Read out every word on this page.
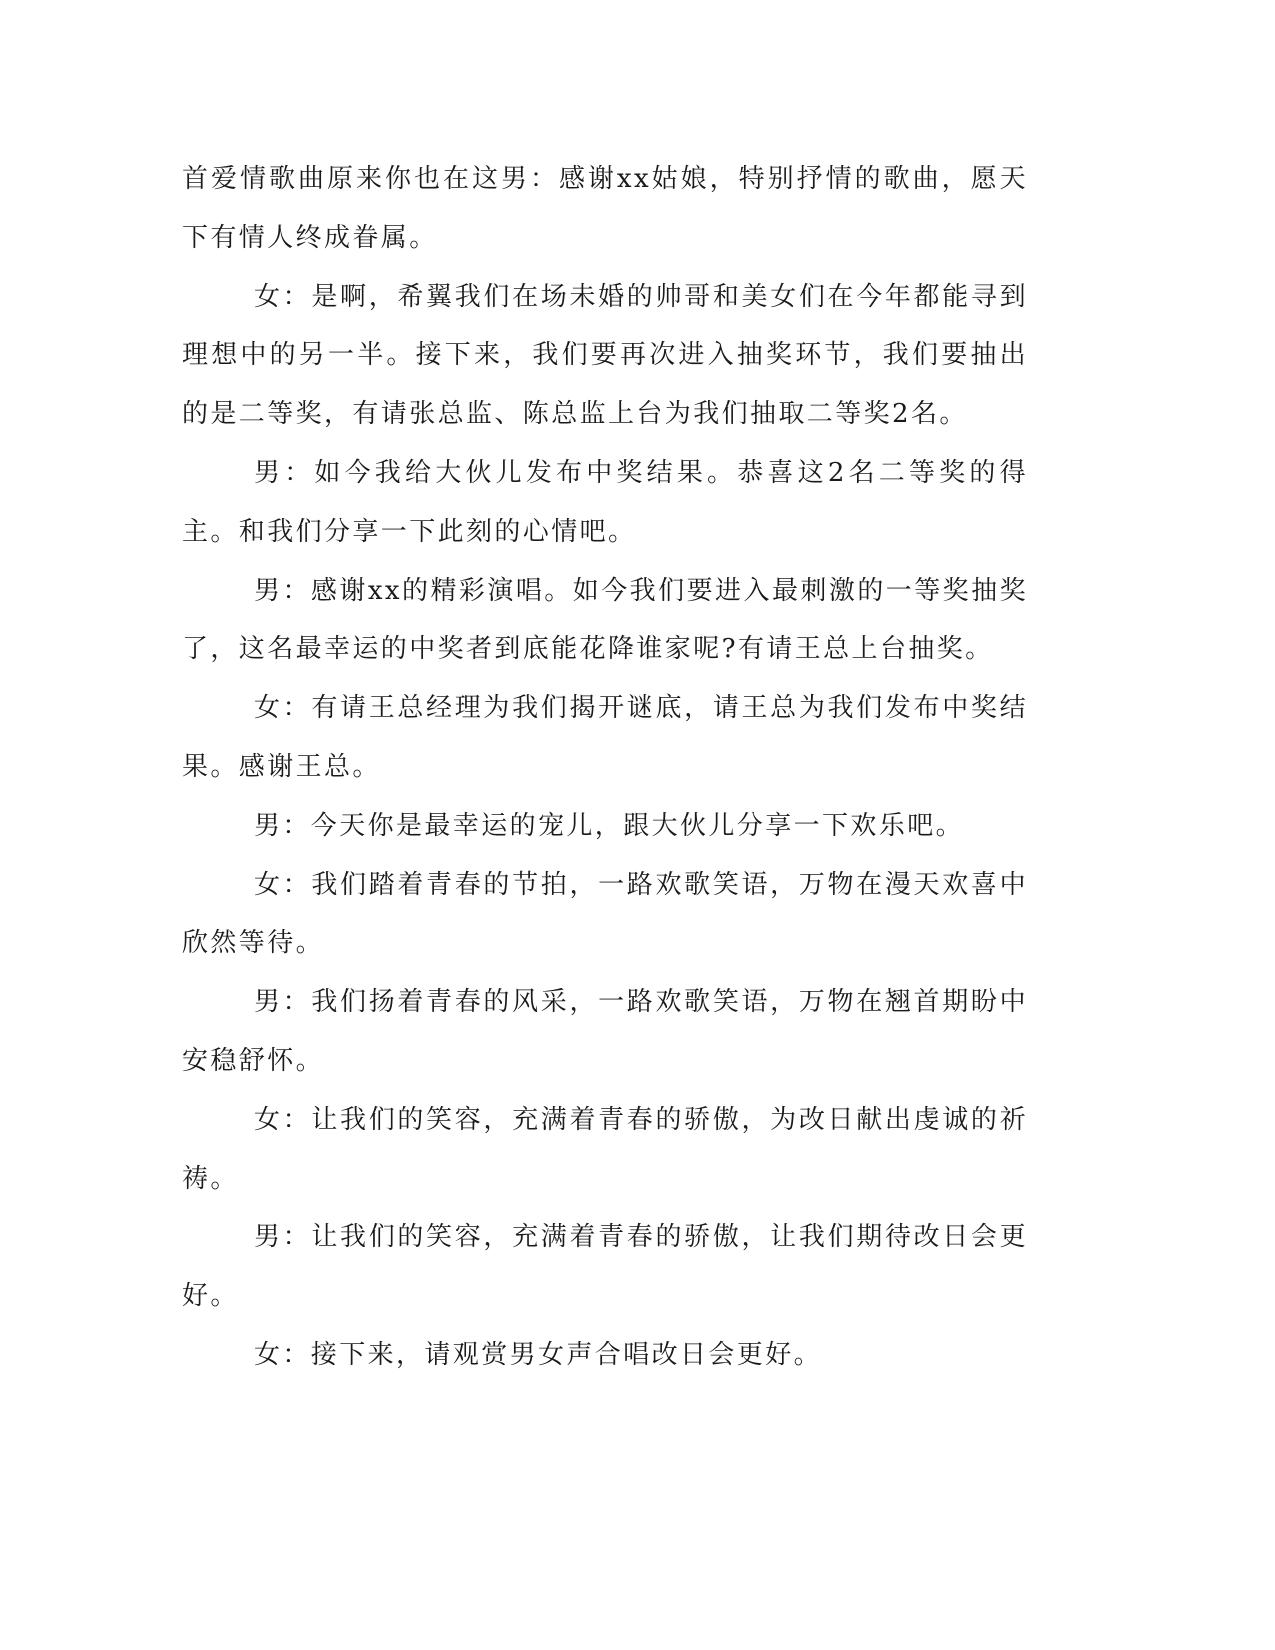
首爱情歌曲原来你也在这男：感谢xx姑娘，特别抒情的歌曲，愿天下有情人终成眷属。

女：是啊，希翼我们在场未婚的帅哥和美女们在今年都能寻到理想中的另一半。接下来，我们要再次进入抽奖环节，我们要抽出的是二等奖，有请张总监、陈总监上台为我们抽取二等奖2名。

男：如今我给大伙儿发布中奖结果。恭喜这2名二等奖的得主。和我们分享一下此刻的心情吧。

男：感谢xx的精彩演唱。如今我们要进入最刺激的一等奖抽奖了，这名最幸运的中奖者到底能花降谁家呢?有请王总上台抽奖。

女：有请王总经理为我们揭开谜底，请王总为我们发布中奖结果。感谢王总。

男：今天你是最幸运的宠儿，跟大伙儿分享一下欢乐吧。

女：我们踏着青春的节拍，一路欢歌笑语，万物在漫天欢喜中欣然等待。

男：我们扬着青春的风采，一路欢歌笑语，万物在翘首期盼中安稳舒怀。

女：让我们的笑容，充满着青春的骄傲，为改日献出虔诚的祈祷。

男：让我们的笑容，充满着青春的骄傲，让我们期待改日会更好。

女：接下来，请观赏男女声合唱改日会更好。
